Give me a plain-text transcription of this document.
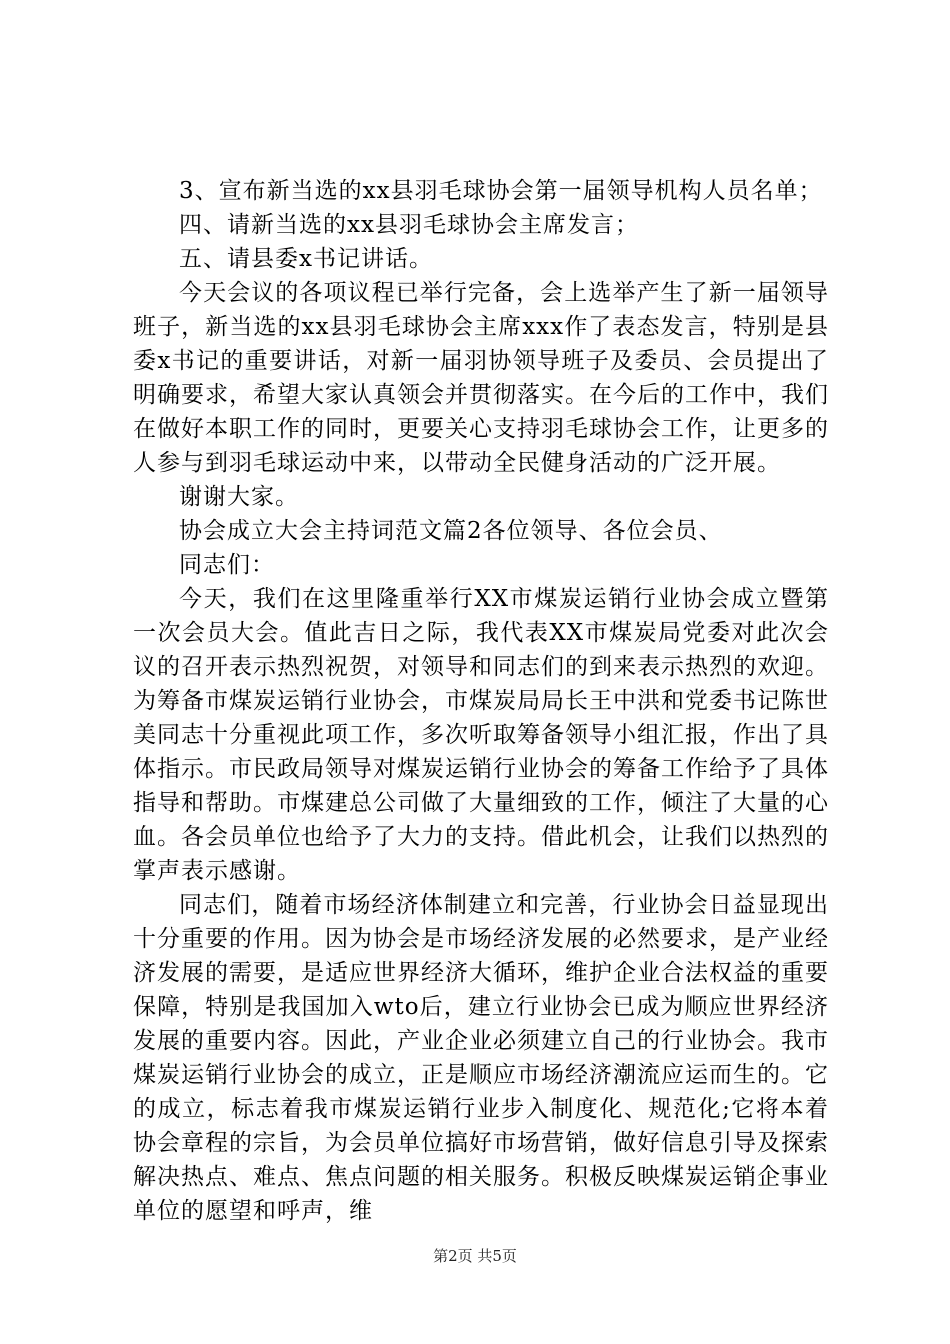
3、宣布新当选的xx县羽毛球协会第一届领导机构人员名单；

四、请新当选的xx县羽毛球协会主席发言；

五、请县委x书记讲话。

今天会议的各项议程已举行完备，会上选举产生了新一届领导班子，新当选的xx县羽毛球协会主席xxx作了表态发言，特别是县委x书记的重要讲话，对新一届羽协领导班子及委员、会员提出了明确要求，希望大家认真领会并贯彻落实。在今后的工作中，我们在做好本职工作的同时，更要关心支持羽毛球协会工作，让更多的人参与到羽毛球运动中来，以带动全民健身活动的广泛开展。

谢谢大家。

协会成立大会主持词范文篇2各位领导、各位会员、

同志们：

今天，我们在这里隆重举行XX市煤炭运销行业协会成立暨第一次会员大会。值此吉日之际，我代表XX市煤炭局党委对此次会议的召开表示热烈祝贺，对领导和同志们的到来表示热烈的欢迎。为筹备市煤炭运销行业协会，市煤炭局局长王中洪和党委书记陈世美同志十分重视此项工作，多次听取筹备领导小组汇报，作出了具体指示。市民政局领导对煤炭运销行业协会的筹备工作给予了具体指导和帮助。市煤建总公司做了大量细致的工作，倾注了大量的心血。各会员单位也给予了大力的支持。借此机会，让我们以热烈的掌声表示感谢。

同志们，随着市场经济体制建立和完善，行业协会日益显现出十分重要的作用。因为协会是市场经济发展的必然要求，是产业经济发展的需要，是适应世界经济大循环，维护企业合法权益的重要保障，特别是我国加入wto后，建立行业协会已成为顺应世界经济发展的重要内容。因此，产业企业必须建立自己的行业协会。我市煤炭运销行业协会的成立，正是顺应市场经济潮流应运而生的。它的成立，标志着我市煤炭运销行业步入制度化、规范化;它将本着协会章程的宗旨，为会员单位搞好市场营销，做好信息引导及探索解决热点、难点、焦点问题的相关服务。积极反映煤炭运销企事业单位的愿望和呼声，维

第2页 共5页
